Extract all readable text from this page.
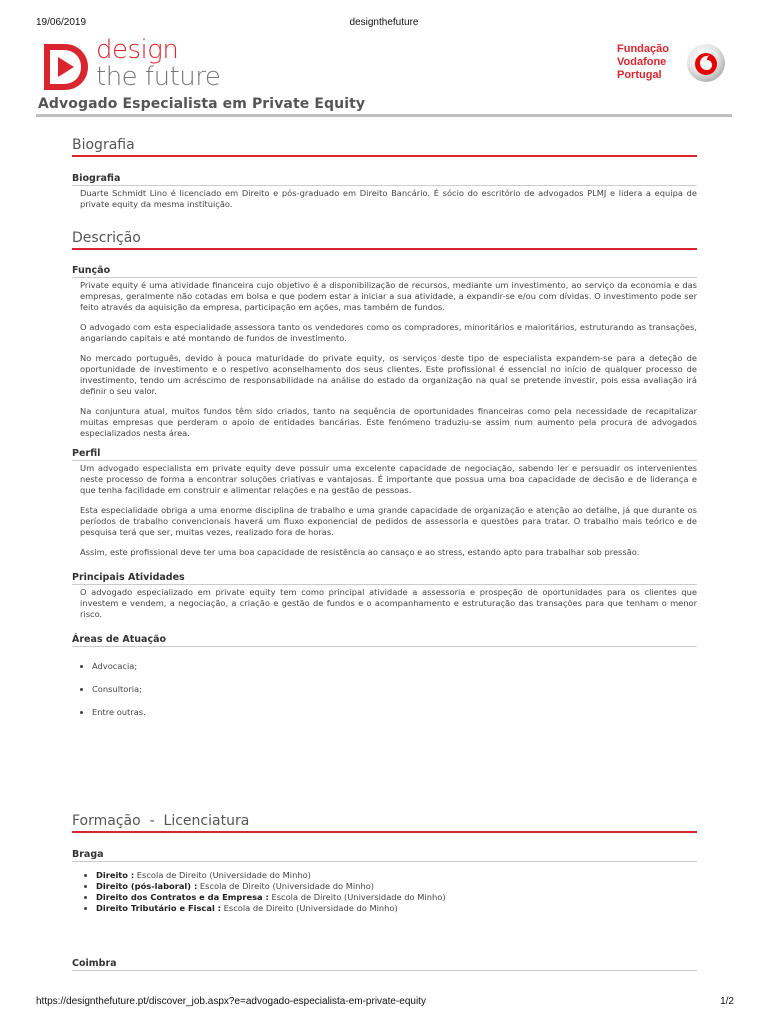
19/06/2019	designthefuture
design
the future
Fundação
Vodafone
Portugal
Advogado Especialista em Private Equity
Biografia
Biografia

Duarte Schmidt Lino é licenciado em Direito e pós-graduado em Direito Bancário. É sócio do escritório de advogados PLMJ e lidera a equipa de private equity da mesma instituição.

Descrição
Função

Private equity é uma atividade financeira cujo objetivo é a disponibilização de recursos, mediante um investimento, ao serviço da economia e das empresas, geralmente não cotadas em bolsa e que podem estar a iniciar a sua atividade, a expandir-se e/ou com dívidas. O investimento pode ser feito através da aquisição da empresa, participação em ações, mas também de fundos.

O advogado com esta especialidade assessora tanto os vendedores como os compradores, minoritários e maioritários, estruturando as transações, angariando capitais e até montando de fundos de investimento.

No mercado português, devido à pouca maturidade do private equity, os serviços deste tipo de especialista expandem-se para a deteção de oportunidade de investimento e o respetivo aconselhamento dos seus clientes. Este profissional é essencial no início de qualquer processo de investimento, tendo um acréscimo de responsabilidade na análise do estado da organização na qual se pretende investir, pois essa avaliação irá definir o seu valor.

Na conjuntura atual, muitos fundos têm sido criados, tanto na sequência de oportunidades financeiras como pela necessidade de recapitalizar muitas empresas que perderam o apoio de entidades bancárias. Este fenómeno traduziu-se assim num aumento pela procura de advogados especializados nesta área.

Perfil

Um advogado especialista em private equity deve possuir uma excelente capacidade de negociação, sabendo ler e persuadir os intervenientes neste processo de forma a encontrar soluções criativas e vantajosas. É importante que possua uma boa capacidade de decisão e de liderança e que tenha facilidade em construir e alimentar relações e na gestão de pessoas.

Esta especialidade obriga a uma enorme disciplina de trabalho e uma grande capacidade de organização e atenção ao detalhe, já que durante os períodos de trabalho convencionais haverá um fluxo exponencial de pedidos de assessoria e questões para tratar. O trabalho mais teórico e de pesquisa terá que ser, muitas vezes, realizado fora de horas.

Assim, este profissional deve ter uma boa capacidade de resistência ao cansaço e ao stress, estando apto para trabalhar sob pressão.

Principais Atividades

O advogado especializado em private equity tem como principal atividade a assessoria e prospeção de oportunidades para os clientes que investem e vendem, a negociação, a criação e gestão de fundos e o acompanhamento e estruturação das transações para que tenham o menor risco.

Áreas de Atuação
• Advocacia;
• Consultoria;
• Entre outras.
Formação  -  Licenciatura
Braga
• Direito : Escola de Direito (Universidade do Minho)
• Direito (pós-laboral) : Escola de Direito (Universidade do Minho)
• Direito dos Contratos e da Empresa : Escola de Direito (Universidade do Minho)
• Direito Tributário e Fiscal : Escola de Direito (Universidade do Minho)
Coimbra
https://designthefuture.pt/discover_job.aspx?e=advogado-especialista-em-private-equity	1/2
